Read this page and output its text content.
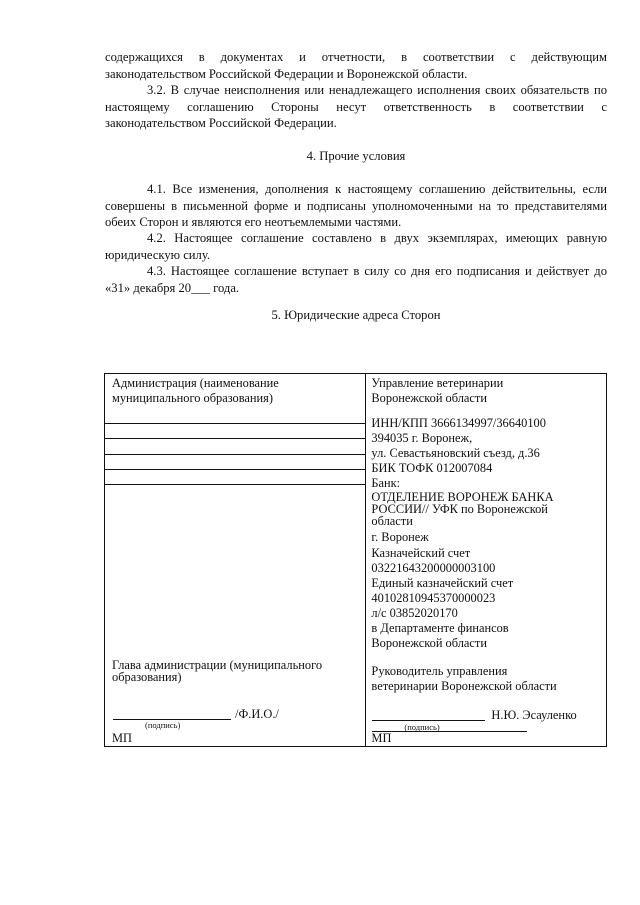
содержащихся в документах и отчетности, в соответствии с действующим законодательством Российской Федерации и Воронежской области.
3.2. В случае неисполнения или ненадлежащего исполнения своих обязательств по настоящему соглашению Стороны несут ответственность в соответствии с законодательством Российской Федерации.
4. Прочие условия
4.1. Все изменения, дополнения к настоящему соглашению действительны, если совершены в письменной форме и подписаны уполномоченными на то представителями обеих Сторон и являются его неотъемлемыми частями.
4.2. Настоящее соглашение составлено в двух экземплярах, имеющих равную юридическую силу.
4.3. Настоящее соглашение вступает в силу со дня его подписания и действует до «31» декабря 20___ года.
5. Юридические адреса Сторон
Администрация (наименование муниципального образования)
Глава администрации (муниципального образования)
/Ф.И.О./
(подпись)
МП

Управление ветеринарии
Воронежской области
ИНН/КПП 3666134997/36640100
394035 г. Воронеж,
ул. Севастьяновский съезд, д.36
БИК ТОФК 012007084
Банк:
ОТДЕЛЕНИЕ ВОРОНЕЖ БАНКА
РОССИИ// УФК по Воронежской
области
г. Воронеж
Казначейский счет
03221643200000003100
Единый казначейский счет
40102810945370000023
л/с 03852020170
в Департаменте финансов
Воронежской области
Руководитель управления
ветеринарии Воронежской области
Н.Ю. Эсауленко
(подпись)
МП
